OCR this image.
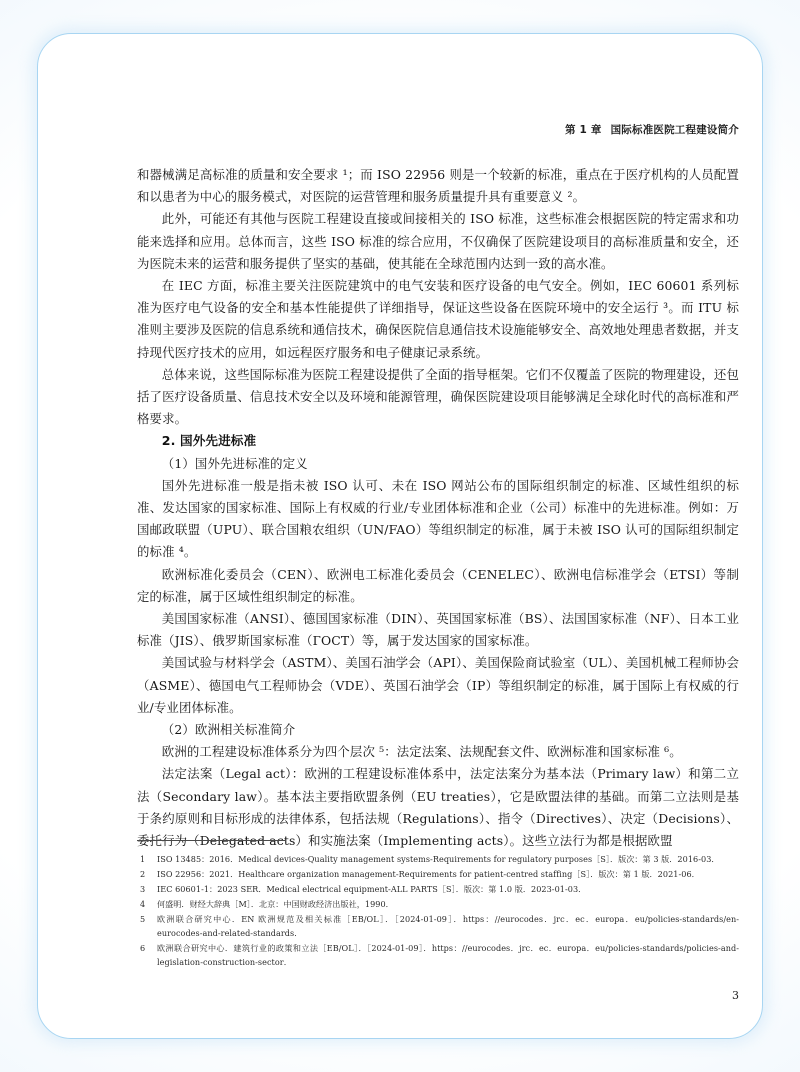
第 1 章 国际标准医院工程建设简介

和器械满足高标准的质量和安全要求 ¹；而 ISO 22956 则是一个较新的标准，重点在于医疗机构的人员配置和以患者为中心的服务模式，对医院的运营管理和服务质量提升具有重要意义 ²。

此外，可能还有其他与医院工程建设直接或间接相关的 ISO 标准，这些标准会根据医院的特定需求和功能来选择和应用。总体而言，这些 ISO 标准的综合应用，不仅确保了医院建设项目的高标准质量和安全，还为医院未来的运营和服务提供了坚实的基础，使其能在全球范围内达到一致的高水准。

在 IEC 方面，标准主要关注医院建筑中的电气安装和医疗设备的电气安全。例如，IEC 60601 系列标准为医疗电气设备的安全和基本性能提供了详细指导，保证这些设备在医院环境中的安全运行 ³。而 ITU 标准则主要涉及医院的信息系统和通信技术，确保医院信息通信技术设施能够安全、高效地处理患者数据，并支持现代医疗技术的应用，如远程医疗服务和电子健康记录系统。

总体来说，这些国际标准为医院工程建设提供了全面的指导框架。它们不仅覆盖了医院的物理建设，还包括了医疗设备质量、信息技术安全以及环境和能源管理，确保医院建设项目能够满足全球化时代的高标准和严格要求。

2. 国外先进标准

（1）国外先进标准的定义

国外先进标准一般是指未被 ISO 认可、未在 ISO 网站公布的国际组织制定的标准、区域性组织的标准、发达国家的国家标准、国际上有权威的行业/专业团体标准和企业（公司）标准中的先进标准。例如：万国邮政联盟（UPU）、联合国粮农组织（UN/FAO）等组织制定的标准，属于未被 ISO 认可的国际组织制定的标准 ⁴。

欧洲标准化委员会（CEN）、欧洲电工标准化委员会（CENELEC）、欧洲电信标准学会（ETSI）等制定的标准，属于区域性组织制定的标准。

美国国家标准（ANSI）、德国国家标准（DIN）、英国国家标准（BS）、法国国家标准（NF）、日本工业标准（JIS）、俄罗斯国家标准（ГОСТ）等，属于发达国家的国家标准。

美国试验与材料学会（ASTM）、美国石油学会（API）、美国保险商试验室（UL）、美国机械工程师协会（ASME）、德国电气工程师协会（VDE）、英国石油学会（IP）等组织制定的标准，属于国际上有权威的行业/专业团体标准。

（2）欧洲相关标准简介

欧洲的工程建设标准体系分为四个层次 ⁵：法定法案、法规配套文件、欧洲标准和国家标准 ⁶。

法定法案（Legal act）：欧洲的工程建设标准体系中，法定法案分为基本法（Primary law）和第二立法（Secondary law）。基本法主要指欧盟条例（EU treaties），它是欧盟法律的基础。而第二立法则是基于条约原则和目标形成的法律体系，包括法规（Regulations）、指令（Directives）、决定（Decisions）、委托行为（Delegated acts）和实施法案（Implementing acts）。这些立法行为都是根据欧盟

1	ISO 13485：2016．Medical devices-Quality management systems-Requirements for regulatory purposes［S］．版次：第 3 版．2016-03．
2	ISO 22956：2021．Healthcare organization management-Requirements for patient-centred staffing［S］．版次：第 1 版．2021-06．
3	IEC 60601-1：2023 SER．Medical electrical equipment-ALL PARTS［S］．版次：第 1.0 版．2023-01-03．
4	何盛明．财经大辞典［M］．北京：中国财政经济出版社，1990．
5	欧洲联合研究中心．EN 欧洲规范及相关标准［EB/OL］．［2024-01-09］．https：//eurocodes．jrc．ec．europa．eu/policies-standards/en-eurocodes-and-related-standards．
6	欧洲联合研究中心．建筑行业的政策和立法［EB/OL］．［2024-01-09］．https：//eurocodes．jrc．ec．europa．eu/policies-standards/policies-and-legislation-construction-sector．
3
